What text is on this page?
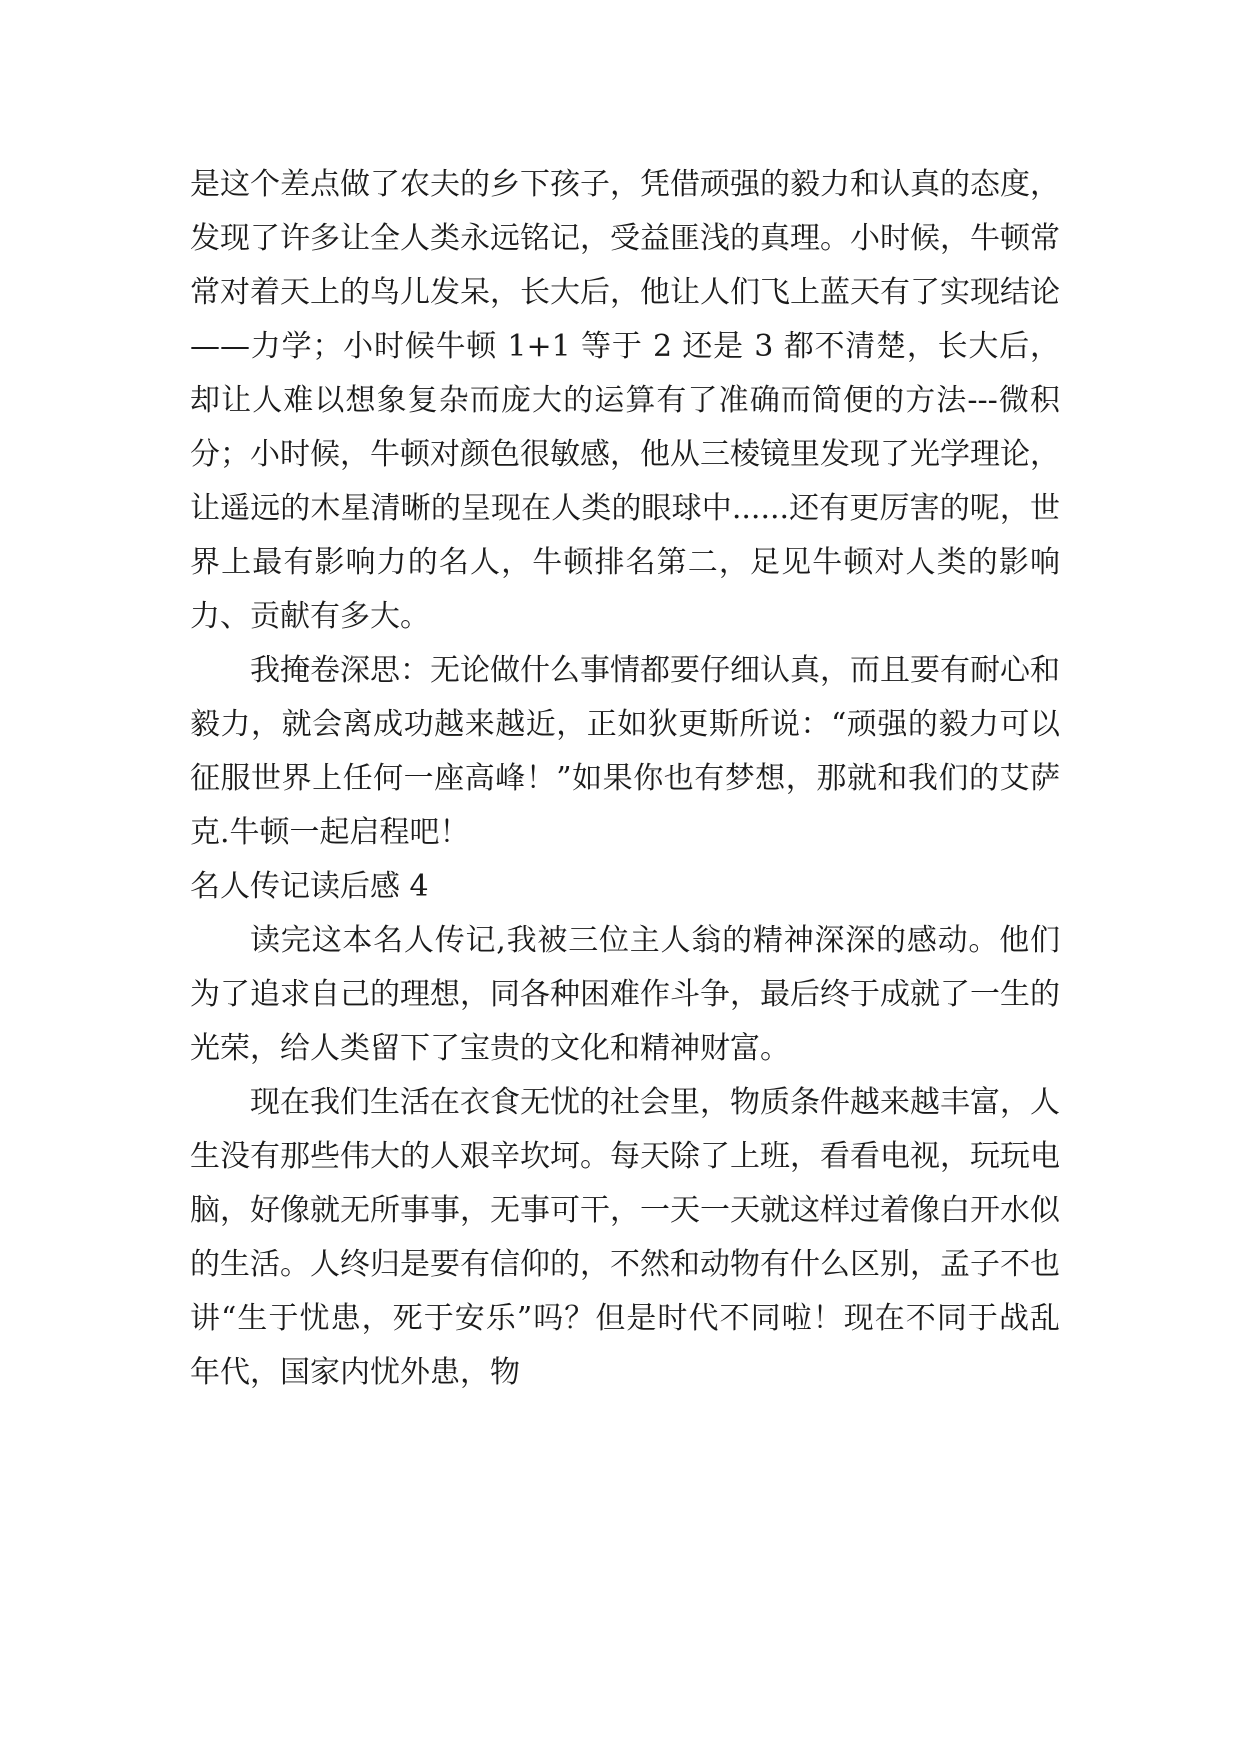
是这个差点做了农夫的乡下孩子，凭借顽强的毅力和认真的态度，发现了许多让全人类永远铭记，受益匪浅的真理。小时候，牛顿常常对着天上的鸟儿发呆，长大后，他让人们飞上蓝天有了实现结论——力学；小时候牛顿 1+1 等于 2 还是 3 都不清楚，长大后，却让人难以想象复杂而庞大的运算有了准确而简便的方法---微积分；小时候，牛顿对颜色很敏感，他从三棱镜里发现了光学理论，让遥远的木星清晰的呈现在人类的眼球中......还有更厉害的呢，世界上最有影响力的名人，牛顿排名第二，足见牛顿对人类的影响力、贡献有多大。

我掩卷深思：无论做什么事情都要仔细认真，而且要有耐心和毅力，就会离成功越来越近，正如狄更斯所说：“顽强的毅力可以征服世界上任何一座高峰！”如果你也有梦想，那就和我们的艾萨克.牛顿一起启程吧！

名人传记读后感 4

读完这本名人传记,我被三位主人翁的精神深深的感动。他们为了追求自己的理想，同各种困难作斗争，最后终于成就了一生的光荣，给人类留下了宝贵的文化和精神财富。

现在我们生活在衣食无忧的社会里，物质条件越来越丰富，人生没有那些伟大的人艰辛坎坷。每天除了上班，看看电视，玩玩电脑，好像就无所事事，无事可干，一天一天就这样过着像白开水似的生活。人终归是要有信仰的，不然和动物有什么区别，孟子不也讲“生于忧患，死于安乐”吗？但是时代不同啦！现在不同于战乱年代，国家内忧外患，物
